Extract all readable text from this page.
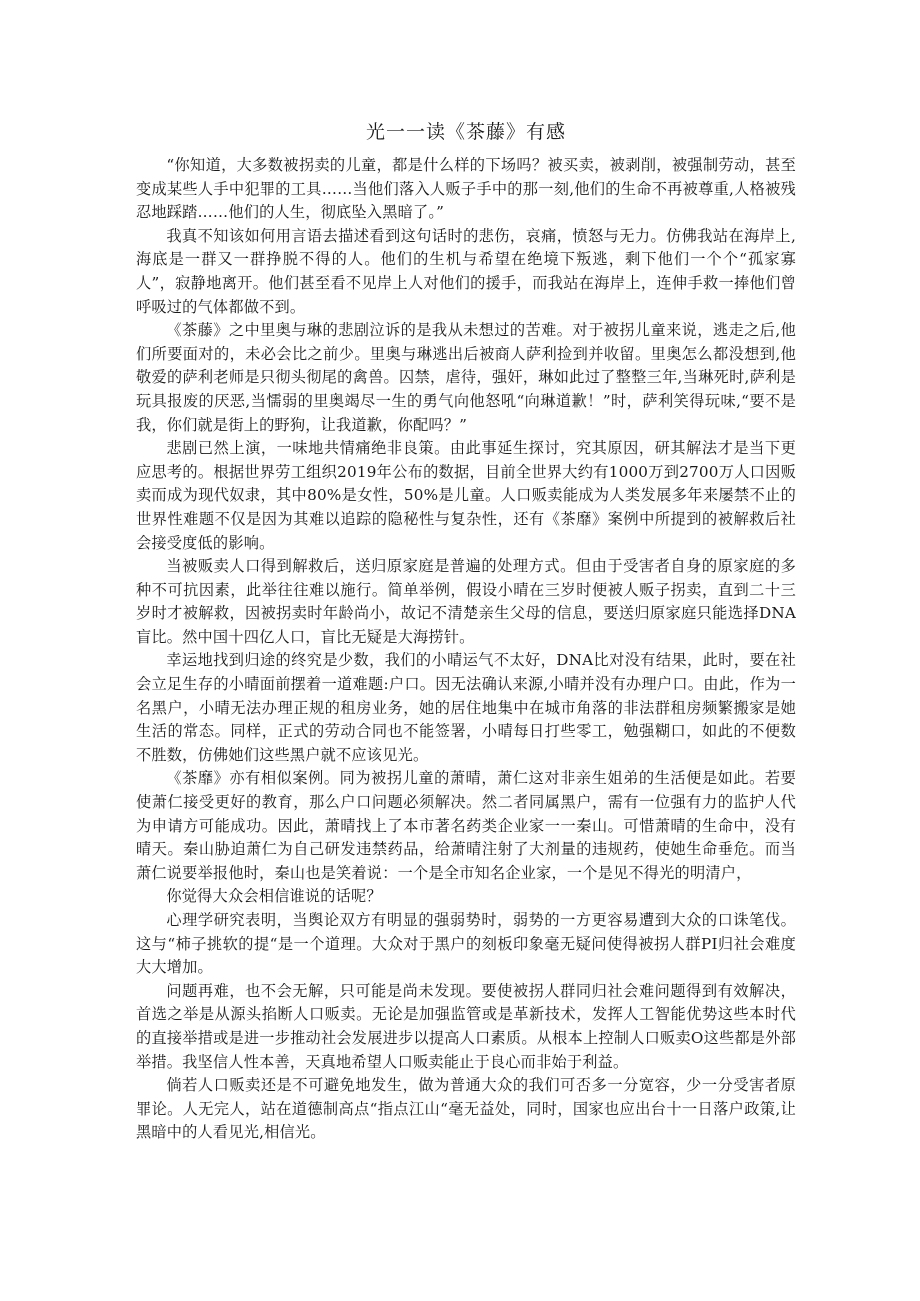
光一一读《茶藤》有感

“你知道，大多数被拐卖的儿童，都是什么样的下场吗？被买卖，被剥削，被强制劳动，甚至变成某些人手中犯罪的工具……当他们落入人贩子手中的那一刻,他们的生命不再被尊重,人格被残忍地踩踏……他们的人生，彻底坠入黑暗了。”

我真不知该如何用言语去描述看到这句话时的悲伤，哀痛，愤怒与无力。仿佛我站在海岸上,海底是一群又一群挣脱不得的人。他们的生机与希望在绝境下叛逃，剩下他们一个个“孤家寡人”，寂静地离开。他们甚至看不见岸上人对他们的援手，而我站在海岸上，连伸手救一捧他们曾呼吸过的气体都做不到。

《茶藤》之中里奥与琳的悲剧泣诉的是我从未想过的苦难。对于被拐儿童来说，逃走之后,他们所要面对的，未必会比之前少。里奥与琳逃出后被商人萨利捡到并收留。里奥怎么都没想到,他敬爱的萨利老师是只彻头彻尾的禽兽。囚禁，虐待，强奸，琳如此过了整整三年,当琳死时,萨利是玩具报废的厌恶,当懦弱的里奥竭尽一生的勇气向他怒吼“向琳道歉！”时，萨利笑得玩味,“要不是我，你们就是街上的野狗，让我道歉，你配吗？”

悲剧已然上演，一味地共情痛绝非良策。由此事延生探讨，究其原因，研其解法才是当下更应思考的。根据世界劳工组织2019年公布的数据，目前全世界大约有1000万到2700万人口因贩卖而成为现代奴隶，其中80%是女性，50%是儿童。人口贩卖能成为人类发展多年来屡禁不止的世界性难题不仅是因为其难以追踪的隐秘性与复杂性，还有《茶靡》案例中所提到的被解救后社会接受度低的影响。

当被贩卖人口得到解救后，送归原家庭是普遍的处理方式。但由于受害者自身的原家庭的多种不可抗因素，此举往往难以施行。简单举例，假设小晴在三岁时便被人贩子拐卖，直到二十三岁时才被解救，因被拐卖时年龄尚小，故记不清楚亲生父母的信息，要送归原家庭只能选择DNA盲比。然中国十四亿人口，盲比无疑是大海捞针。

幸运地找到归途的终究是少数，我们的小晴运气不太好，DNA比对没有结果，此时，要在社会立足生存的小晴面前摆着一道难题:户口。因无法确认来源,小晴并没有办理户口。由此，作为一名黑户，小晴无法办理正规的租房业务，她的居住地集中在城市角落的非法群租房频繁搬家是她生活的常态。同样，正式的劳动合同也不能签署，小晴每日打些零工，勉强糊口，如此的不便数不胜数，仿佛她们这些黑户就不应该见光。

《茶靡》亦有相似案例。同为被拐儿童的萧晴，萧仁这对非亲生姐弟的生活便是如此。若要使萧仁接受更好的教育，那么户口问题必须解决。然二者同属黑户，需有一位强有力的监护人代为申请方可能成功。因此，萧晴找上了本市著名药类企业家一一秦山。可惜萧晴的生命中，没有晴天。秦山胁迫萧仁为自己研发违禁药品，给萧晴注射了大剂量的违规药，使她生命垂危。而当萧仁说要举报他时，秦山也是笑着说：一个是全市知名企业家，一个是见不得光的明清户，

你觉得大众会相信谁说的话呢？

心理学研究表明，当舆论双方有明显的强弱势时，弱势的一方更容易遭到大众的口诛笔伐。这与“柿子挑软的提“是一个道理。大众对于黑户的刻板印象毫无疑问使得被拐人群PI归社会难度大大增加。

问题再难，也不会无解，只可能是尚未发现。要使被拐人群同归社会难问题得到有效解决，首选之举是从源头掐断人口贩卖。无论是加强监管或是革新技术，发挥人工智能优势这些本时代的直接举措或是进一步推动社会发展进步以提高人口素质。从根本上控制人口贩卖O这些都是外部举措。我坚信人性本善，天真地希望人口贩卖能止于良心而非始于利益。

倘若人口贩卖还是不可避免地发生，做为普通大众的我们可否多一分宽容，少一分受害者原罪论。人无完人，站在道德制高点“指点江山“毫无益处，同时，国家也应出台十一日落户政策,让黑暗中的人看见光,相信光。
